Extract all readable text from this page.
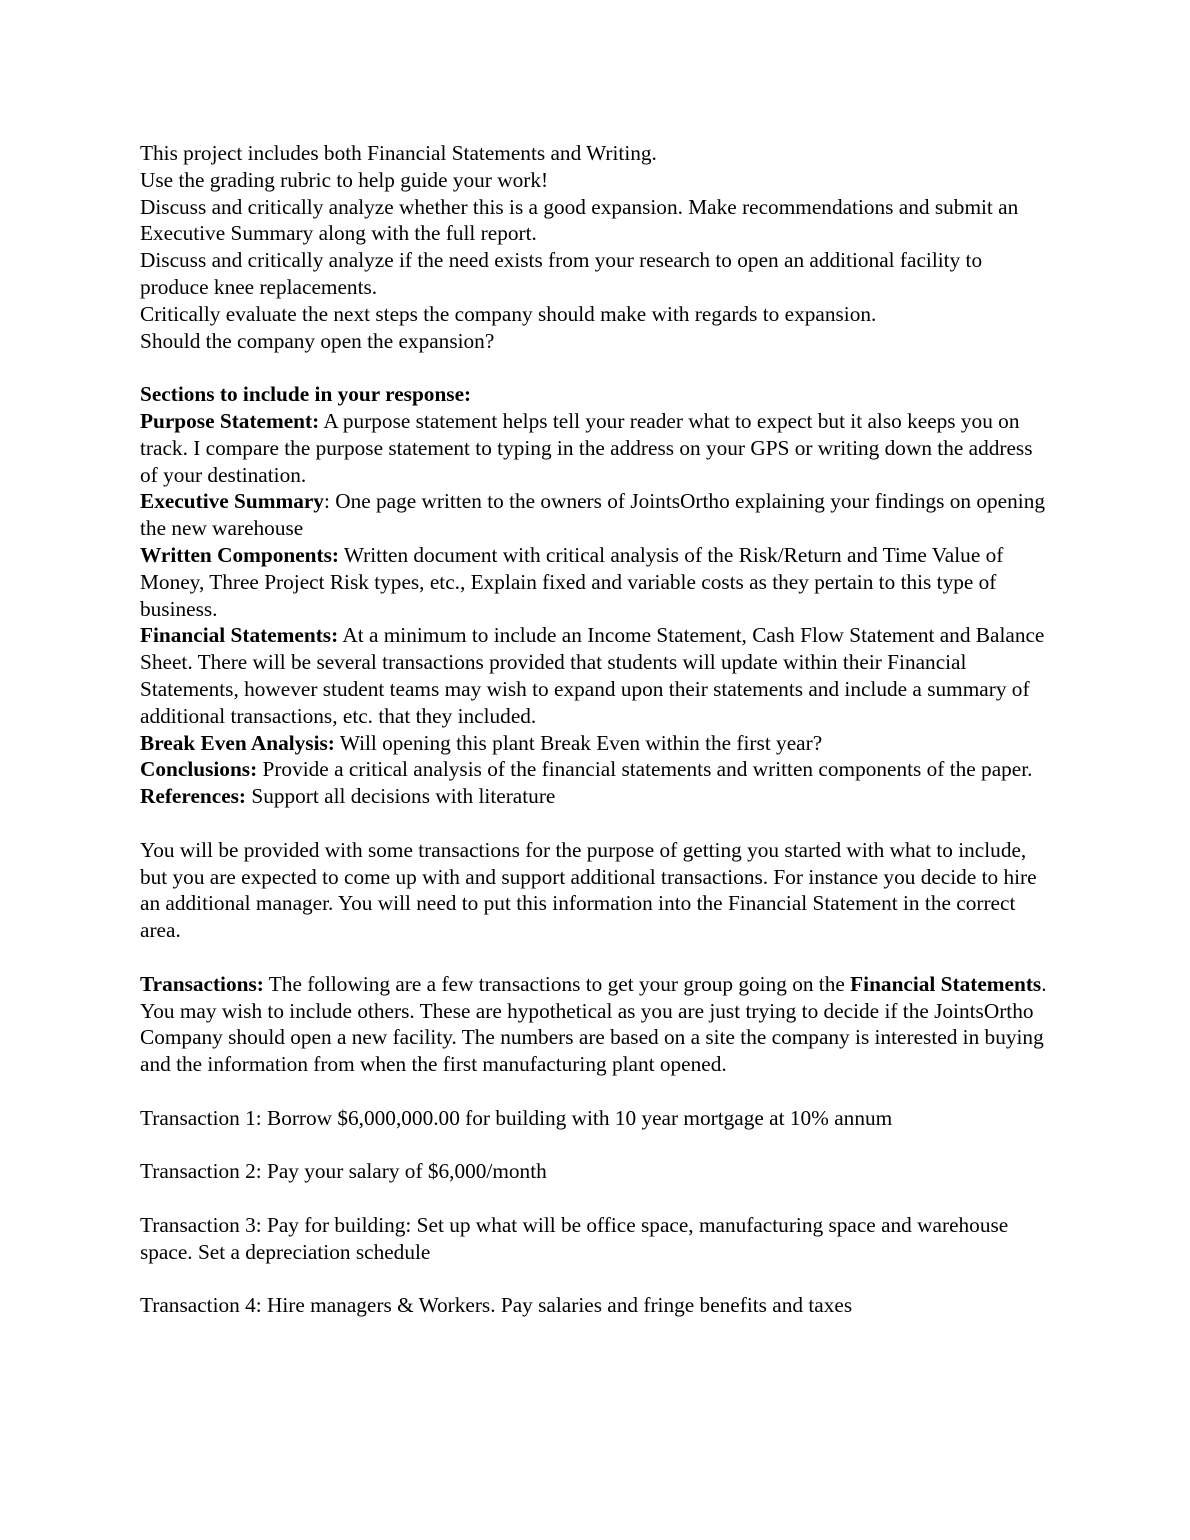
This project includes both Financial Statements and Writing.

Use the grading rubric to help guide your work!

Discuss and critically analyze whether this is a good expansion. Make recommendations and submit an Executive Summary along with the full report.

Discuss and critically analyze if the need exists from your research to open an additional facility to produce knee replacements.

Critically evaluate the next steps the company should make with regards to expansion.

Should the company open the expansion?

Sections to include in your response:

Purpose Statement: A purpose statement helps tell your reader what to expect but it also keeps you on track. I compare the purpose statement to typing in the address on your GPS or writing down the address of your destination.

Executive Summary: One page written to the owners of JointsOrtho explaining your findings on opening the new warehouse

Written Components: Written document with critical analysis of the Risk/Return and Time Value of Money, Three Project Risk types, etc., Explain fixed and variable costs as they pertain to this type of business.

Financial Statements: At a minimum to include an Income Statement, Cash Flow Statement and Balance Sheet. There will be several transactions provided that students will update within their Financial Statements, however student teams may wish to expand upon their statements and include a summary of additional transactions, etc. that they included.

Break Even Analysis: Will opening this plant Break Even within the first year?

Conclusions: Provide a critical analysis of the financial statements and written components of the paper.

References: Support all decisions with literature

You will be provided with some transactions for the purpose of getting you started with what to include, but you are expected to come up with and support additional transactions. For instance you decide to hire an additional manager. You will need to put this information into the Financial Statement in the correct area.

Transactions: The following are a few transactions to get your group going on the Financial Statements. You may wish to include others. These are hypothetical as you are just trying to decide if the JointsOrtho Company should open a new facility. The numbers are based on a site the company is interested in buying and the information from when the first manufacturing plant opened.

Transaction 1: Borrow $6,000,000.00 for building with 10 year mortgage at 10% annum

Transaction 2: Pay your salary of $6,000/month

Transaction 3: Pay for building: Set up what will be office space, manufacturing space and warehouse space. Set a depreciation schedule

Transaction 4: Hire managers & Workers. Pay salaries and fringe benefits and taxes
